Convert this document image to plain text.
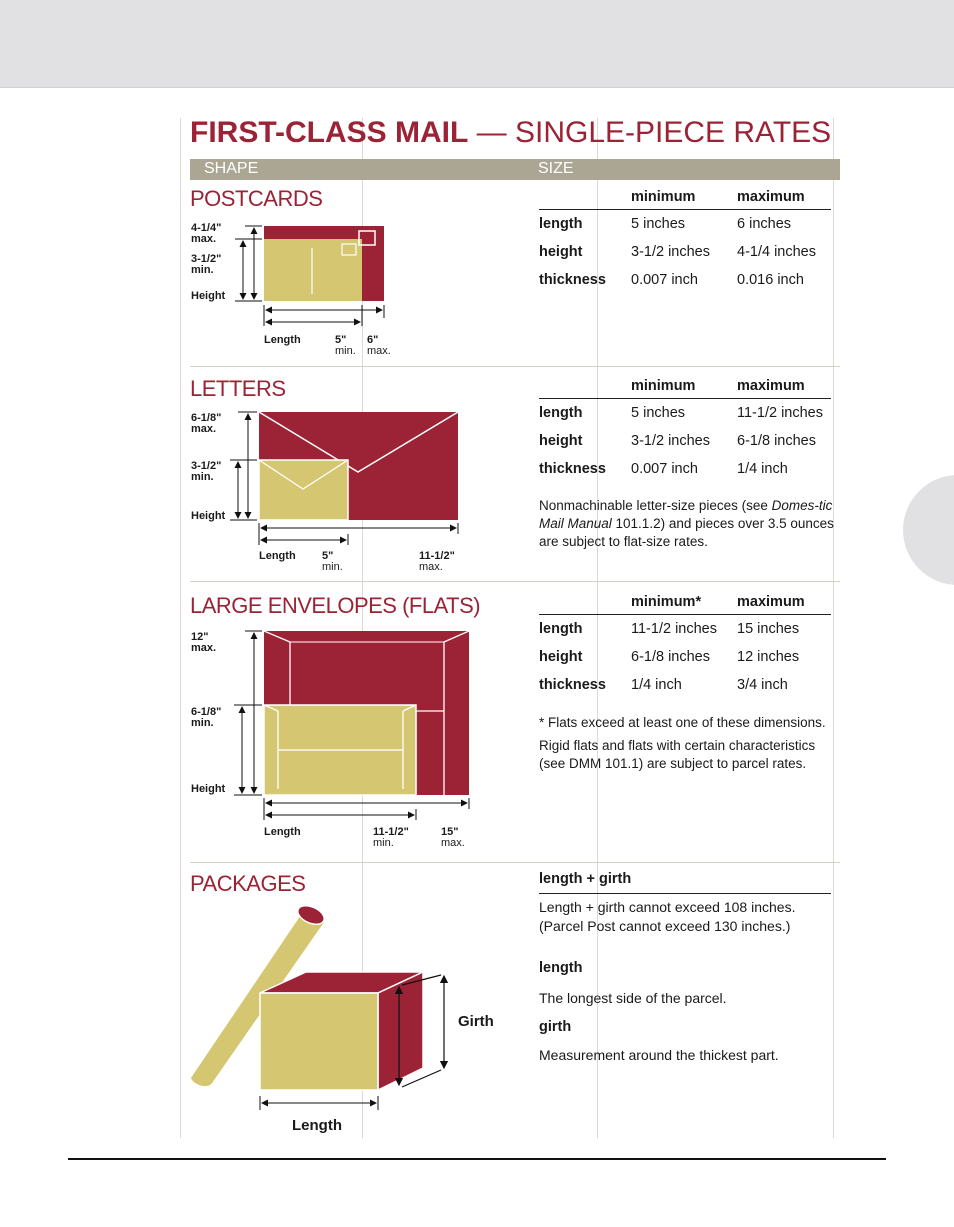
FIRST-CLASS MAIL — SINGLE-PIECE RATES
SHAPE	SIZE
POSTCARDS
4-1/4"
max.
3-1/2"
min.
Height
Length	5"
min.
6"
max.
	minimum	maximum
length	5 inches	6 inches
height	3-1/2 inches	4-1/4 inches
thickness	0.007 inch	0.016 inch
LETTERS
6-1/8"
max.
3-1/2"
min.
Height
Length 5"
min.
11-1/2"
max.
	minimum	maximum
length	5 inches	11-1/2 inches
height	3-1/2 inches	6-1/8 inches
thickness	0.007 inch	1/4 inch
Nonmachinable letter-size pieces (see Domes-tic Mail Manual 101.1.2) and pieces over 3.5 ounces are subject to flat-size rates.
LARGE ENVELOPES (FLATS)
12"
max.
6-1/8"
min.
Height
Length	11-1/2"
min.
15"
max.
	minimum*	maximum
length	11-1/2 inches	15 inches
height	6-1/8 inches	12 inches
thickness	1/4 inch	3/4 inch
* Flats exceed at least one of these dimensions.
Rigid flats and flats with certain characteristics (see DMM 101.1) are subject to parcel rates.
PACKAGES
Girth
Length
length + girth
Length + girth cannot exceed 108 inches.
(Parcel Post cannot exceed 130 inches.)
length
The longest side of the parcel.
girth
Measurement around the thickest part.
